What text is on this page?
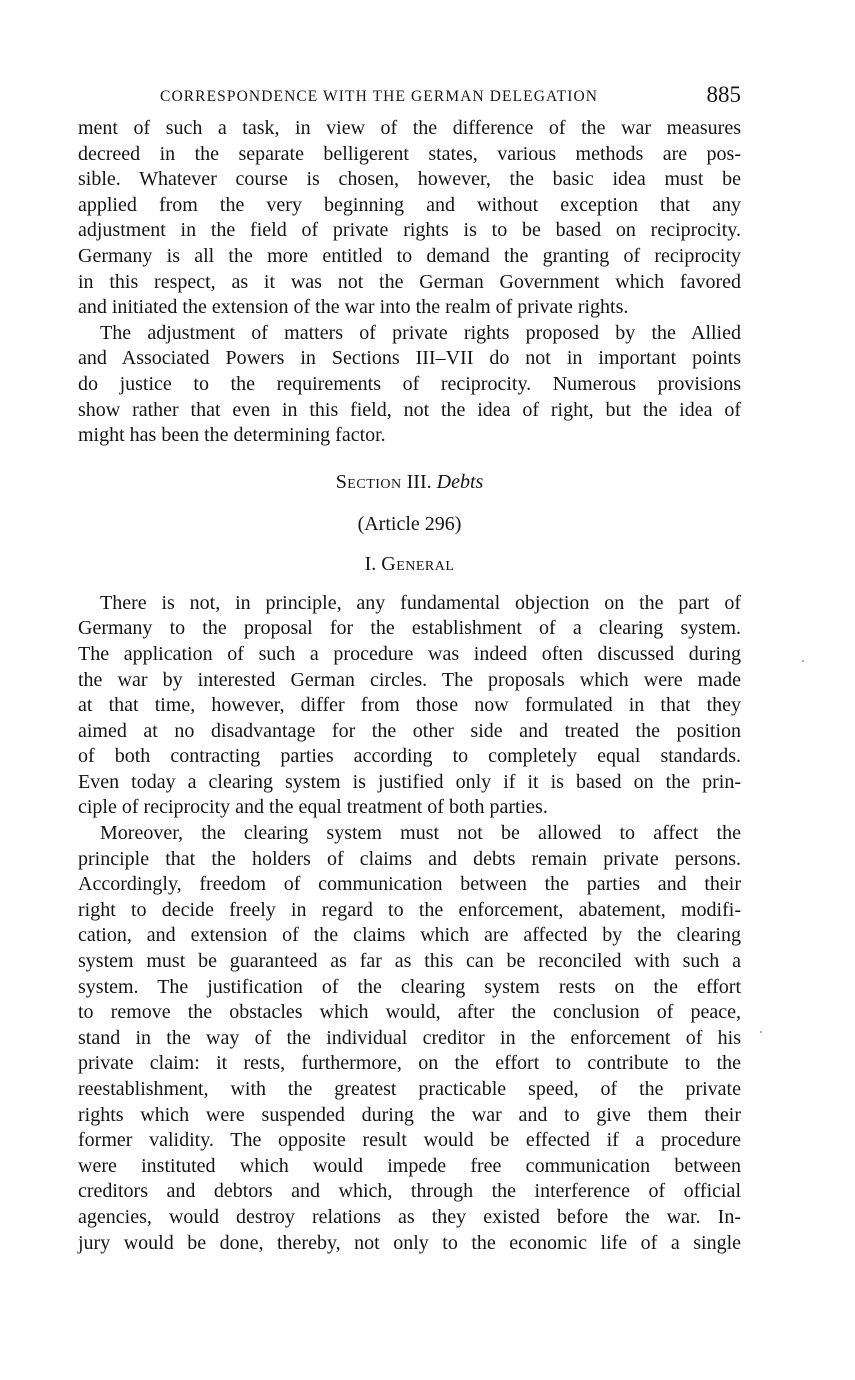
CORRESPONDENCE WITH THE GERMAN DELEGATION	885
ment of such a task, in view of the difference of the war measures
decreed in the separate belligerent states, various methods are pos-
sible. Whatever course is chosen, however, the basic idea must be
applied from the very beginning and without exception that any
adjustment in the field of private rights is to be based on reciprocity.
Germany is all the more entitled to demand the granting of reciprocity
in this respect, as it was not the German Government which favored
and initiated the extension of the war into the realm of private rights.
The adjustment of matters of private rights proposed by the Allied
and Associated Powers in Sections III–VII do not in important points
do justice to the requirements of reciprocity. Numerous provisions
show rather that even in this field, not the idea of right, but the idea of
might has been the determining factor.
Section III. Debts
(Article 296)
I. General
There is not, in principle, any fundamental objection on the part of
Germany to the proposal for the establishment of a clearing system.
The application of such a procedure was indeed often discussed during
the war by interested German circles. The proposals which were made
at that time, however, differ from those now formulated in that they
aimed at no disadvantage for the other side and treated the position
of both contracting parties according to completely equal standards.
Even today a clearing system is justified only if it is based on the prin-
ciple of reciprocity and the equal treatment of both parties.
Moreover, the clearing system must not be allowed to affect the
principle that the holders of claims and debts remain private persons.
Accordingly, freedom of communication between the parties and their
right to decide freely in regard to the enforcement, abatement, modifi-
cation, and extension of the claims which are affected by the clearing
system must be guaranteed as far as this can be reconciled with such a
system. The justification of the clearing system rests on the effort
to remove the obstacles which would, after the conclusion of peace,
stand in the way of the individual creditor in the enforcement of his
private claim: it rests, furthermore, on the effort to contribute to the
reestablishment, with the greatest practicable speed, of the private
rights which were suspended during the war and to give them their
former validity. The opposite result would be effected if a procedure
were instituted which would impede free communication between
creditors and debtors and which, through the interference of official
agencies, would destroy relations as they existed before the war. In-
jury would be done, thereby, not only to the economic life of a single
